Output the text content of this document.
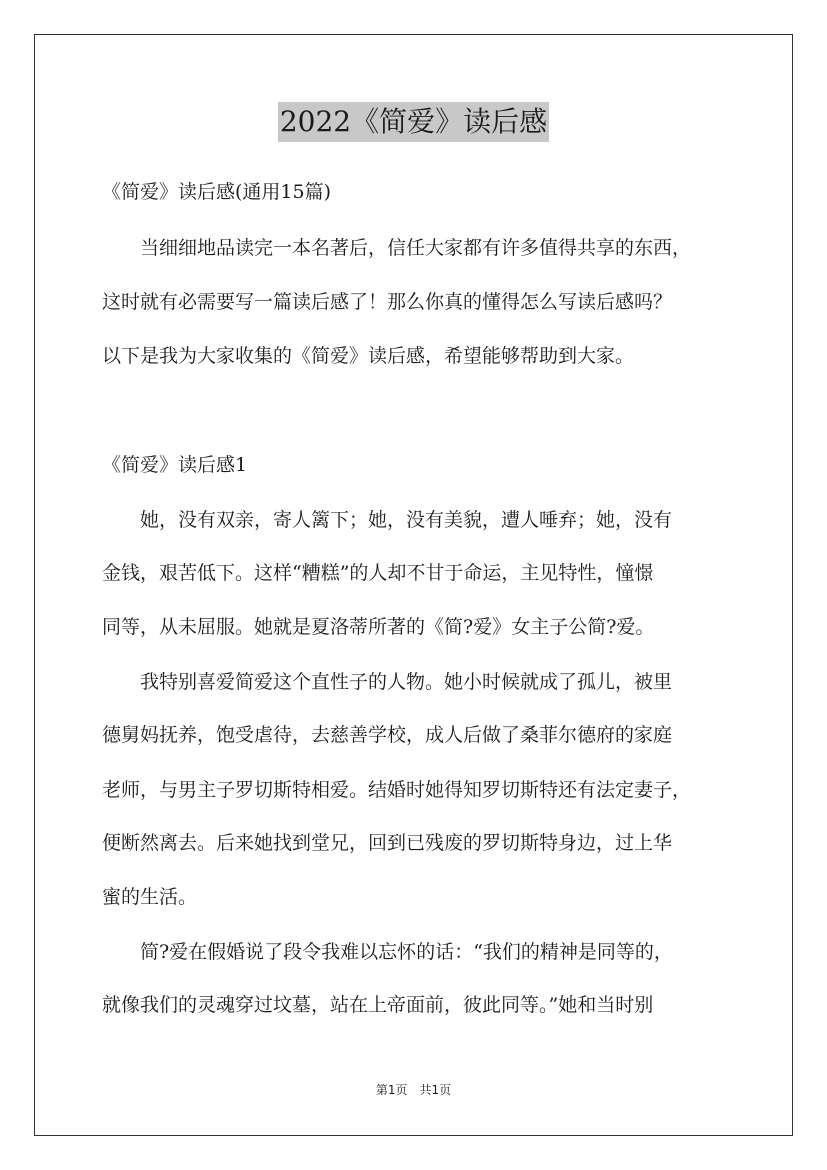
2022《简爱》读后感
《简爱》读后感(通用15篇)
　　当细细地品读完一本名著后，信任大家都有许多值得共享的东西，
这时就有必需要写一篇读后感了！那么你真的懂得怎么写读后感吗？
以下是我为大家收集的《简爱》读后感，希望能够帮助到大家。
《简爱》读后感1
　　她，没有双亲，寄人篱下；她，没有美貌，遭人唾弃；她，没有
金钱，艰苦低下。这样“糟糕”的人却不甘于命运，主见特性，憧憬
同等，从未屈服。她就是夏洛蒂所著的《简?爱》女主子公简?爱。
　　我特别喜爱简爱这个直性子的人物。她小时候就成了孤儿，被里
德舅妈抚养，饱受虐待，去慈善学校，成人后做了桑菲尔德府的家庭
老师，与男主子罗切斯特相爱。结婚时她得知罗切斯特还有法定妻子，
便断然离去。后来她找到堂兄，回到已残废的罗切斯特身边，过上华
蜜的生活。
　　简?爱在假婚说了段令我难以忘怀的话：“我们的精神是同等的，
就像我们的灵魂穿过坟墓，站在上帝面前，彼此同等。”她和当时别
第1页　共1页
